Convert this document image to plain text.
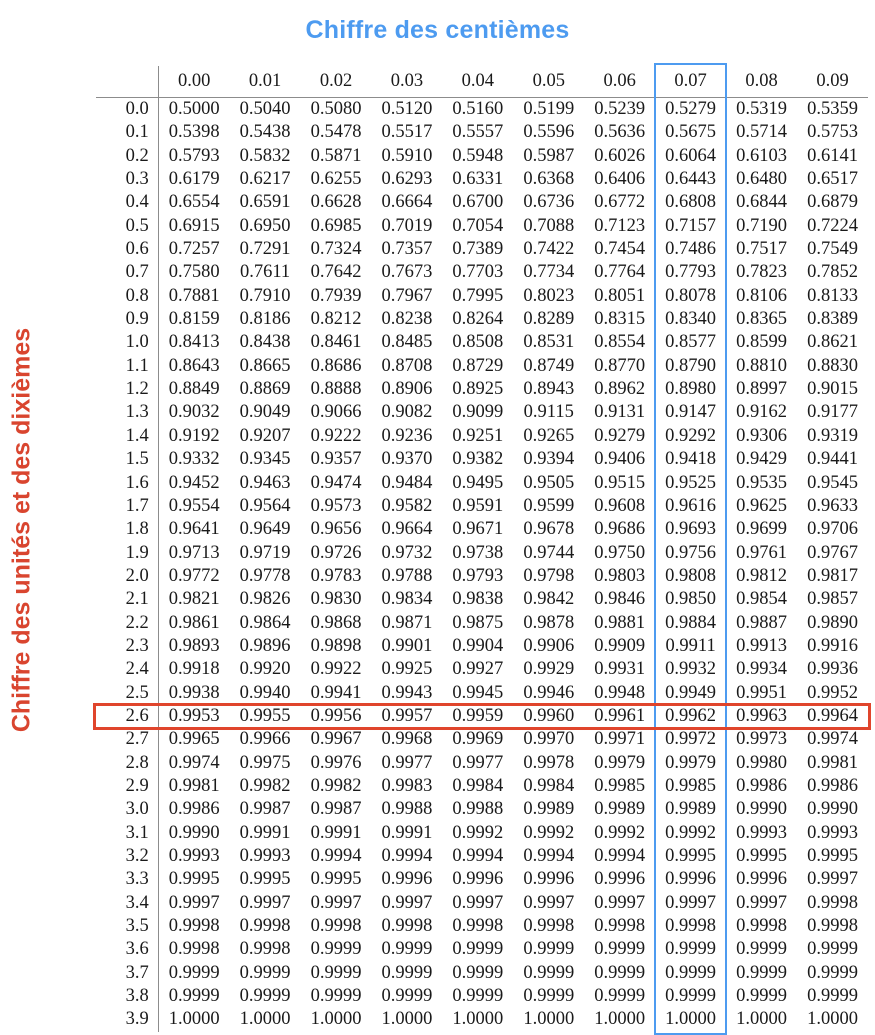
Chiffre des centièmes
Chiffre des unités et des dixièmes
	0.00	0.01	0.02	0.03	0.04	0.05	0.06	0.07	0.08	0.09
0.0	0.5000	0.5040	0.5080	0.5120	0.5160	0.5199	0.5239	0.5279	0.5319	0.5359
0.1	0.5398	0.5438	0.5478	0.5517	0.5557	0.5596	0.5636	0.5675	0.5714	0.5753
0.2	0.5793	0.5832	0.5871	0.5910	0.5948	0.5987	0.6026	0.6064	0.6103	0.6141
0.3	0.6179	0.6217	0.6255	0.6293	0.6331	0.6368	0.6406	0.6443	0.6480	0.6517
0.4	0.6554	0.6591	0.6628	0.6664	0.6700	0.6736	0.6772	0.6808	0.6844	0.6879
0.5	0.6915	0.6950	0.6985	0.7019	0.7054	0.7088	0.7123	0.7157	0.7190	0.7224
0.6	0.7257	0.7291	0.7324	0.7357	0.7389	0.7422	0.7454	0.7486	0.7517	0.7549
0.7	0.7580	0.7611	0.7642	0.7673	0.7703	0.7734	0.7764	0.7793	0.7823	0.7852
0.8	0.7881	0.7910	0.7939	0.7967	0.7995	0.8023	0.8051	0.8078	0.8106	0.8133
0.9	0.8159	0.8186	0.8212	0.8238	0.8264	0.8289	0.8315	0.8340	0.8365	0.8389
1.0	0.8413	0.8438	0.8461	0.8485	0.8508	0.8531	0.8554	0.8577	0.8599	0.8621
1.1	0.8643	0.8665	0.8686	0.8708	0.8729	0.8749	0.8770	0.8790	0.8810	0.8830
1.2	0.8849	0.8869	0.8888	0.8906	0.8925	0.8943	0.8962	0.8980	0.8997	0.9015
1.3	0.9032	0.9049	0.9066	0.9082	0.9099	0.9115	0.9131	0.9147	0.9162	0.9177
1.4	0.9192	0.9207	0.9222	0.9236	0.9251	0.9265	0.9279	0.9292	0.9306	0.9319
1.5	0.9332	0.9345	0.9357	0.9370	0.9382	0.9394	0.9406	0.9418	0.9429	0.9441
1.6	0.9452	0.9463	0.9474	0.9484	0.9495	0.9505	0.9515	0.9525	0.9535	0.9545
1.7	0.9554	0.9564	0.9573	0.9582	0.9591	0.9599	0.9608	0.9616	0.9625	0.9633
1.8	0.9641	0.9649	0.9656	0.9664	0.9671	0.9678	0.9686	0.9693	0.9699	0.9706
1.9	0.9713	0.9719	0.9726	0.9732	0.9738	0.9744	0.9750	0.9756	0.9761	0.9767
2.0	0.9772	0.9778	0.9783	0.9788	0.9793	0.9798	0.9803	0.9808	0.9812	0.9817
2.1	0.9821	0.9826	0.9830	0.9834	0.9838	0.9842	0.9846	0.9850	0.9854	0.9857
2.2	0.9861	0.9864	0.9868	0.9871	0.9875	0.9878	0.9881	0.9884	0.9887	0.9890
2.3	0.9893	0.9896	0.9898	0.9901	0.9904	0.9906	0.9909	0.9911	0.9913	0.9916
2.4	0.9918	0.9920	0.9922	0.9925	0.9927	0.9929	0.9931	0.9932	0.9934	0.9936
2.5	0.9938	0.9940	0.9941	0.9943	0.9945	0.9946	0.9948	0.9949	0.9951	0.9952
2.6	0.9953	0.9955	0.9956	0.9957	0.9959	0.9960	0.9961	0.9962	0.9963	0.9964
2.7	0.9965	0.9966	0.9967	0.9968	0.9969	0.9970	0.9971	0.9972	0.9973	0.9974
2.8	0.9974	0.9975	0.9976	0.9977	0.9977	0.9978	0.9979	0.9979	0.9980	0.9981
2.9	0.9981	0.9982	0.9982	0.9983	0.9984	0.9984	0.9985	0.9985	0.9986	0.9986
3.0	0.9986	0.9987	0.9987	0.9988	0.9988	0.9989	0.9989	0.9989	0.9990	0.9990
3.1	0.9990	0.9991	0.9991	0.9991	0.9992	0.9992	0.9992	0.9992	0.9993	0.9993
3.2	0.9993	0.9993	0.9994	0.9994	0.9994	0.9994	0.9994	0.9995	0.9995	0.9995
3.3	0.9995	0.9995	0.9995	0.9996	0.9996	0.9996	0.9996	0.9996	0.9996	0.9997
3.4	0.9997	0.9997	0.9997	0.9997	0.9997	0.9997	0.9997	0.9997	0.9997	0.9998
3.5	0.9998	0.9998	0.9998	0.9998	0.9998	0.9998	0.9998	0.9998	0.9998	0.9998
3.6	0.9998	0.9998	0.9999	0.9999	0.9999	0.9999	0.9999	0.9999	0.9999	0.9999
3.7	0.9999	0.9999	0.9999	0.9999	0.9999	0.9999	0.9999	0.9999	0.9999	0.9999
3.8	0.9999	0.9999	0.9999	0.9999	0.9999	0.9999	0.9999	0.9999	0.9999	0.9999
3.9	1.0000	1.0000	1.0000	1.0000	1.0000	1.0000	1.0000	1.0000	1.0000	1.0000
